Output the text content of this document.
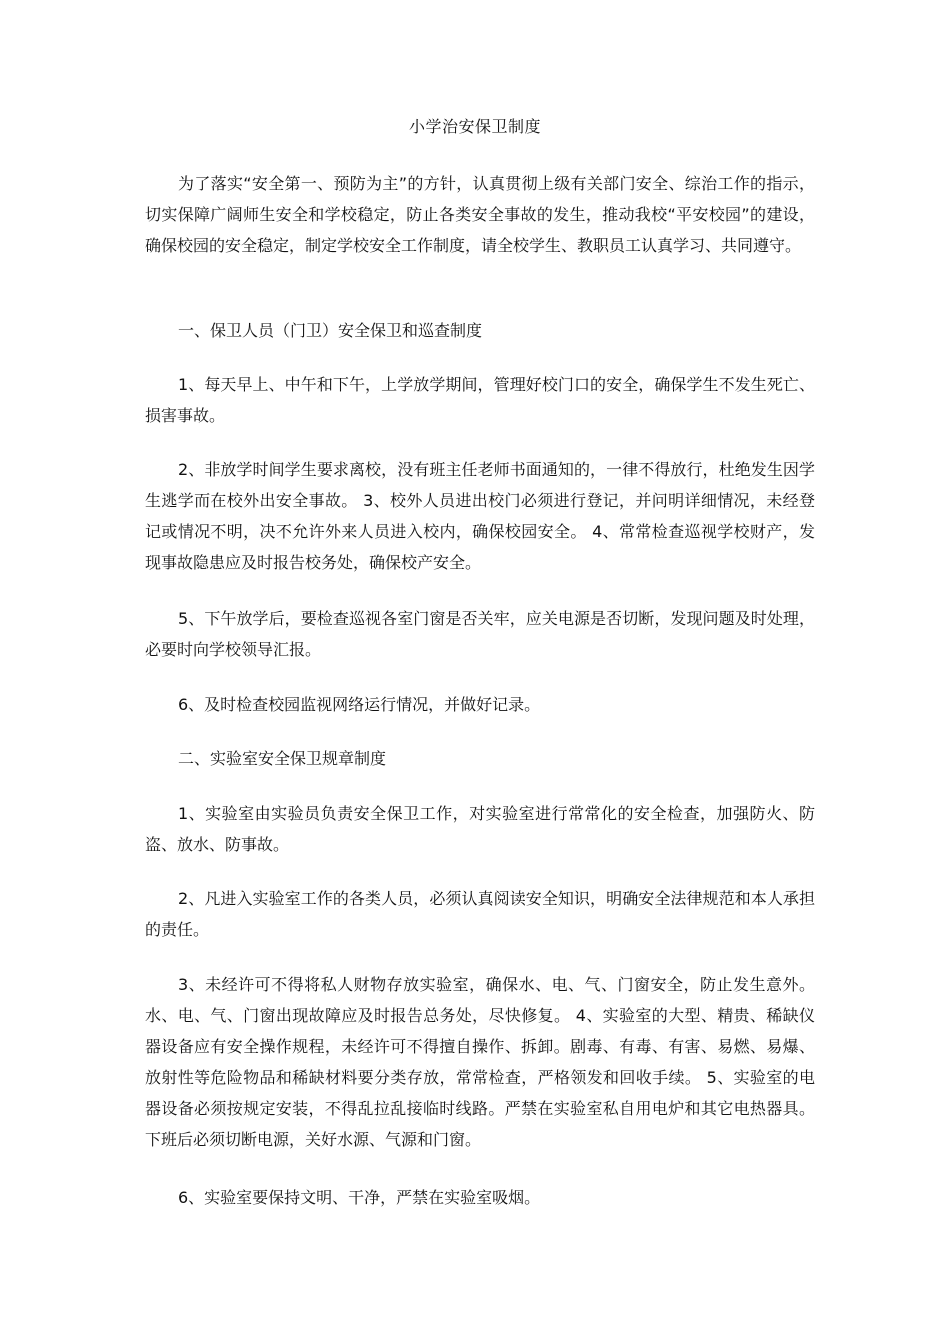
小学治安保卫制度

为了落实“安全第一、预防为主”的方针，认真贯彻上级有关部门安全、综治工作的指示，切实保障广阔师生安全和学校稳定，防止各类安全事故的发生，推动我校“平安校园”的建设，确保校园的安全稳定，制定学校安全工作制度，请全校学生、教职员工认真学习、共同遵守。

一、保卫人员（门卫）安全保卫和巡查制度

1、每天早上、中午和下午，上学放学期间，管理好校门口的安全，确保学生不发生死亡、损害事故。

2、非放学时间学生要求离校，没有班主任老师书面通知的，一律不得放行，杜绝发生因学生逃学而在校外出安全事故。 3、校外人员进出校门必须进行登记，并问明详细情况，未经登记或情况不明，决不允许外来人员进入校内，确保校园安全。 4、常常检查巡视学校财产，发现事故隐患应及时报告校务处，确保校产安全。

5、下午放学后，要检查巡视各室门窗是否关牢，应关电源是否切断，发现问题及时处理，必要时向学校领导汇报。

6、及时检查校园监视网络运行情况，并做好记录。

二、实验室安全保卫规章制度

1、实验室由实验员负责安全保卫工作，对实验室进行常常化的安全检查，加强防火、防盗、放水、防事故。

2、凡进入实验室工作的各类人员，必须认真阅读安全知识，明确安全法律规范和本人承担的责任。

3、未经许可不得将私人财物存放实验室，确保水、电、气、门窗安全，防止发生意外。水、电、气、门窗出现故障应及时报告总务处，尽快修复。 4、实验室的大型、精贵、稀缺仪器设备应有安全操作规程，未经许可不得擅自操作、拆卸。剧毒、有毒、有害、易燃、易爆、放射性等危险物品和稀缺材料要分类存放，常常检查，严格领发和回收手续。 5、实验室的电器设备必须按规定安装，不得乱拉乱接临时线路。严禁在实验室私自用电炉和其它电热器具。下班后必须切断电源，关好水源、气源和门窗。

6、实验室要保持文明、干净，严禁在实验室吸烟。
